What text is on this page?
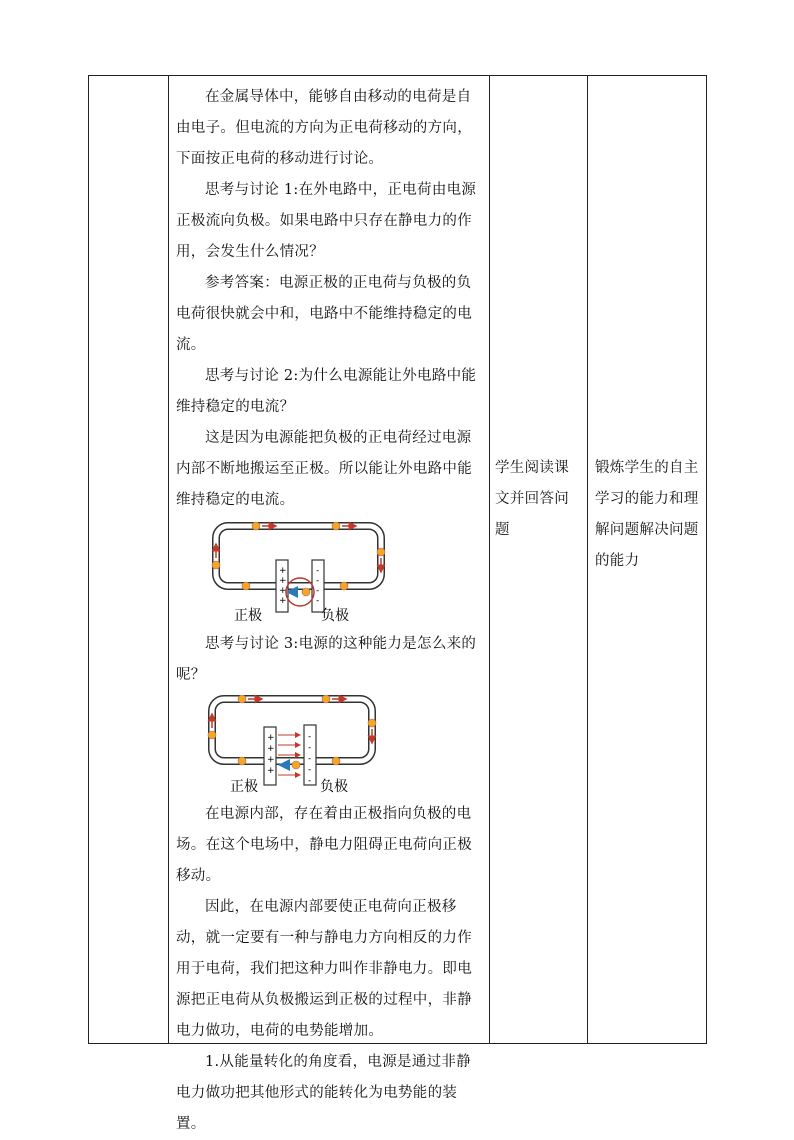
在金属导体中，能够自由移动的电荷是自由电子。但电流的方向为正电荷移动的方向，下面按正电荷的移动进行讨论。

思考与讨论 1:在外电路中，正电荷由电源正极流向负极。如果电路中只存在静电力的作用，会发生什么情况？

参考答案：电源正极的正电荷与负极的负电荷很快就会中和，电路中不能维持稳定的电流。

思考与讨论 2:为什么电源能让外电路中能维持稳定的电流？

这是因为电源能把负极的正电荷经过电源内部不断地搬运至正极。所以能让外电路中能维持稳定的电流。

+
+
+
+
-
-
-
-
正极	负极

思考与讨论 3:电源的这种能力是怎么来的呢？

+
+
+
+
-
-
-
-
-
正极	负极

在电源内部，存在着由正极指向负极的电场。在这个电场中，静电力阻碍正电荷向正极移动。

因此，在电源内部要使正电荷向正极移动，就一定要有一种与静电力方向相反的力作用于电荷，我们把这种力叫作非静电力。即电源把正电荷从负极搬运到正极的过程中，非静电力做功，电荷的电势能增加。

1.从能量转化的角度看，电源是通过非静电力做功把其他形式的能转化为电势能的装置。

学生阅读课文并回答问题
锻炼学生的自主学习的能力和理解问题解决问题的能力
